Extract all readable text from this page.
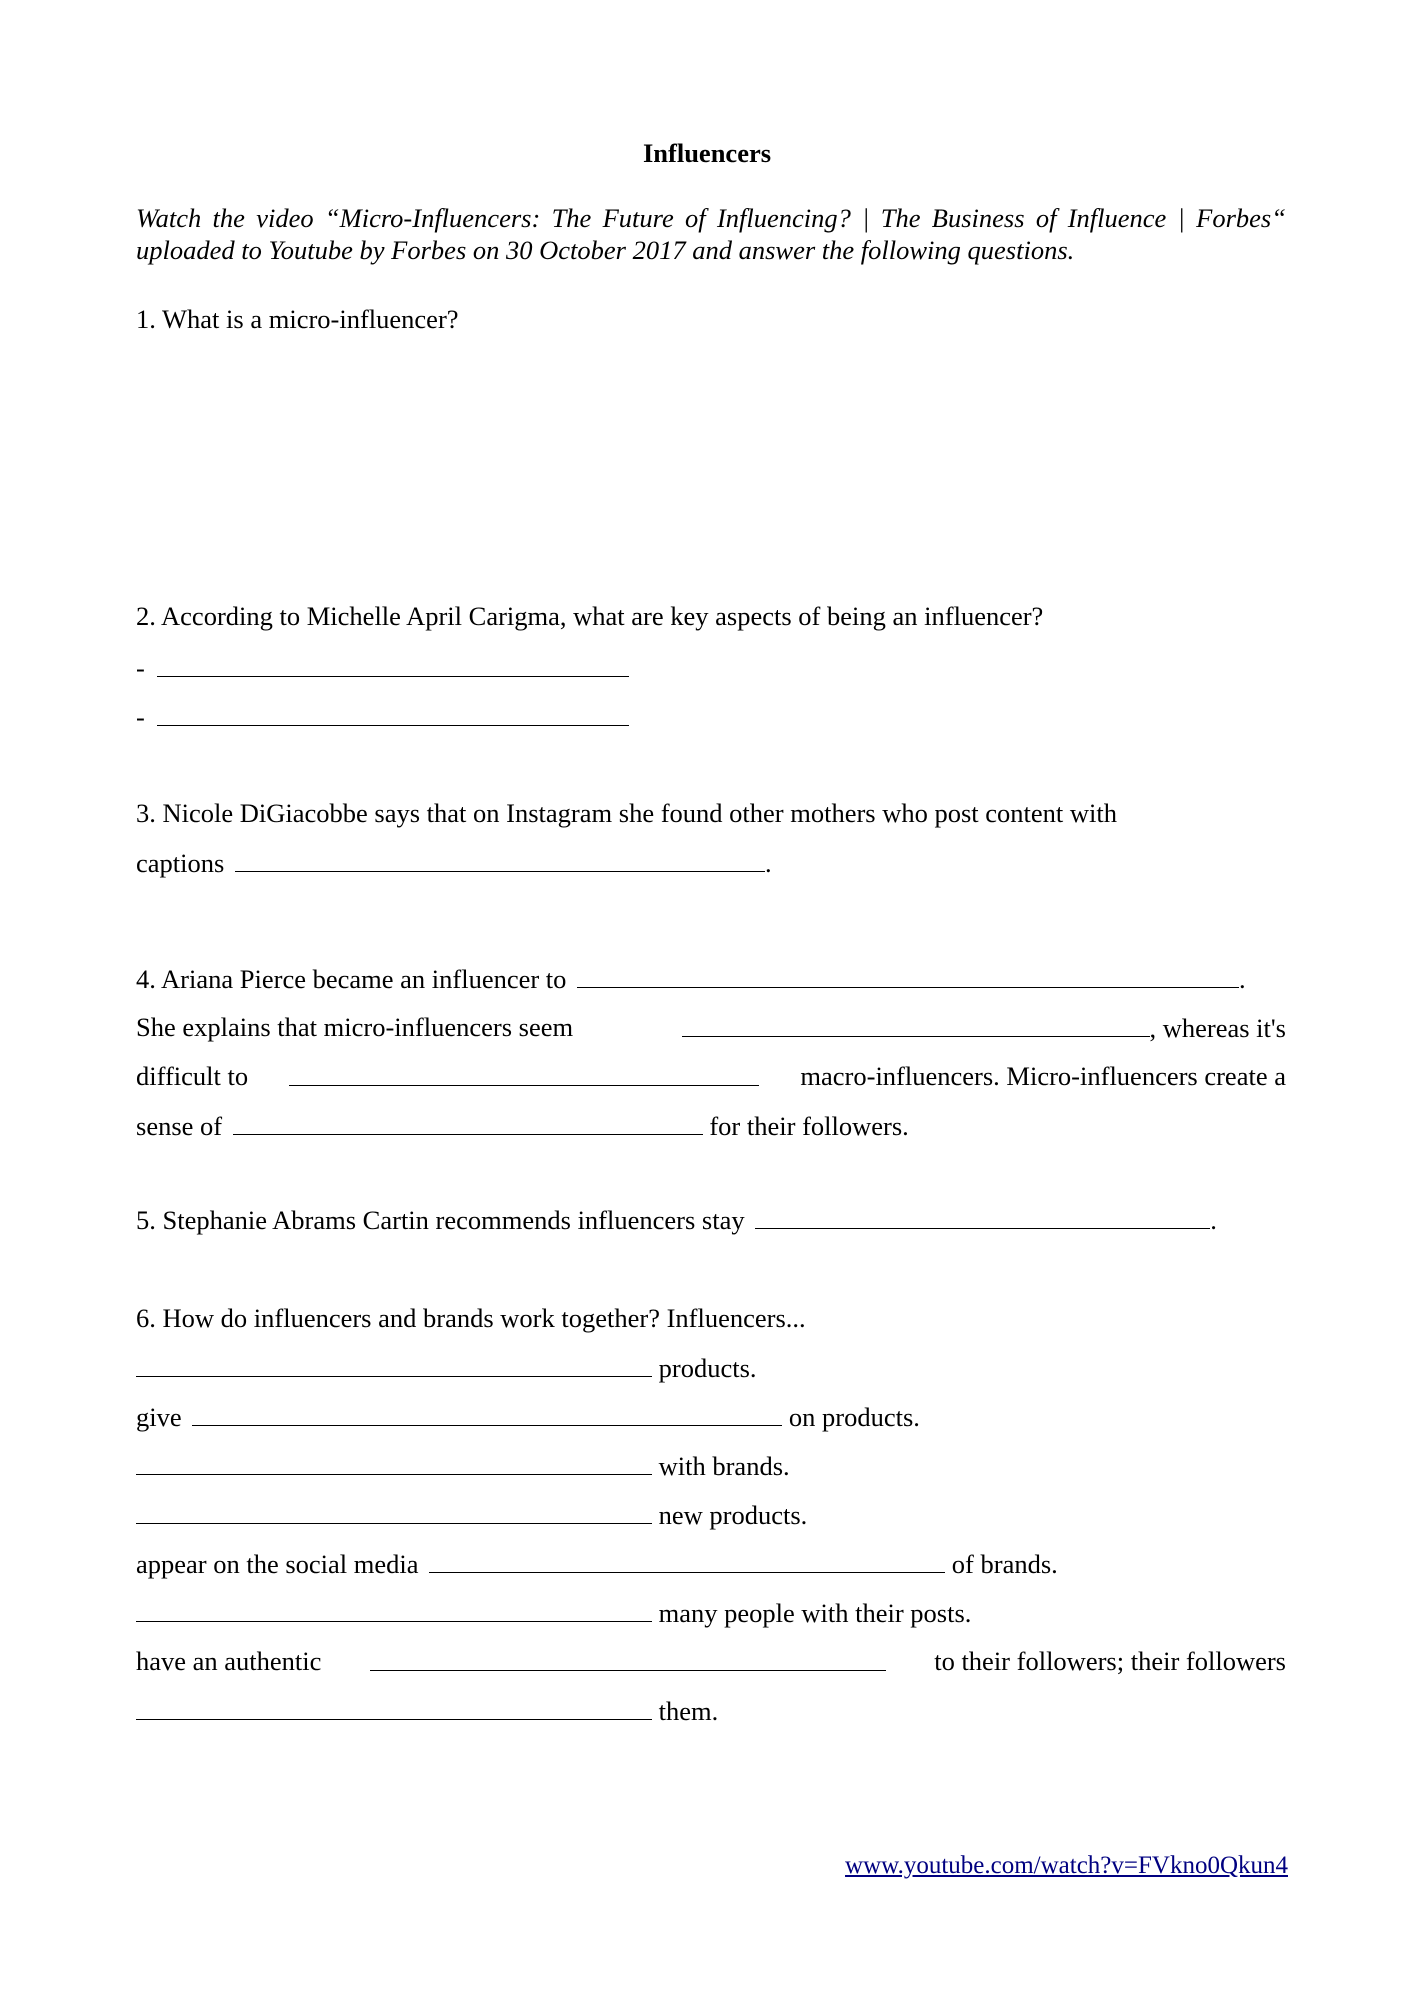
Influencers
Watch the video “Micro-Influencers: The Future of Influencing? | The Business of Influence | Forbes“ uploaded to Youtube by Forbes on 30 October 2017 and answer the following questions.
1. What is a micro-influencer?
2. According to Michelle April Carigma, what are key aspects of being an influencer?
-
-
3. Nicole DiGiacobbe says that on Instagram she found other mothers who post content with
captions	.
4. Ariana Pierce became an influencer to	.
She explains that micro-influencers seem	, whereas it's
difficult to	macro-influencers. Micro-influencers create a
sense of	for their followers.
5. Stephanie Abrams Cartin recommends influencers stay	.
6. How do influencers and brands work together? Influencers...
products.
give	on products.
with brands.
new products.
appear on the social media	of brands.
many people with their posts.
have an authentic	to their followers; their followers
them.
www.youtube.com/watch?v=FVkno0Qkun4
